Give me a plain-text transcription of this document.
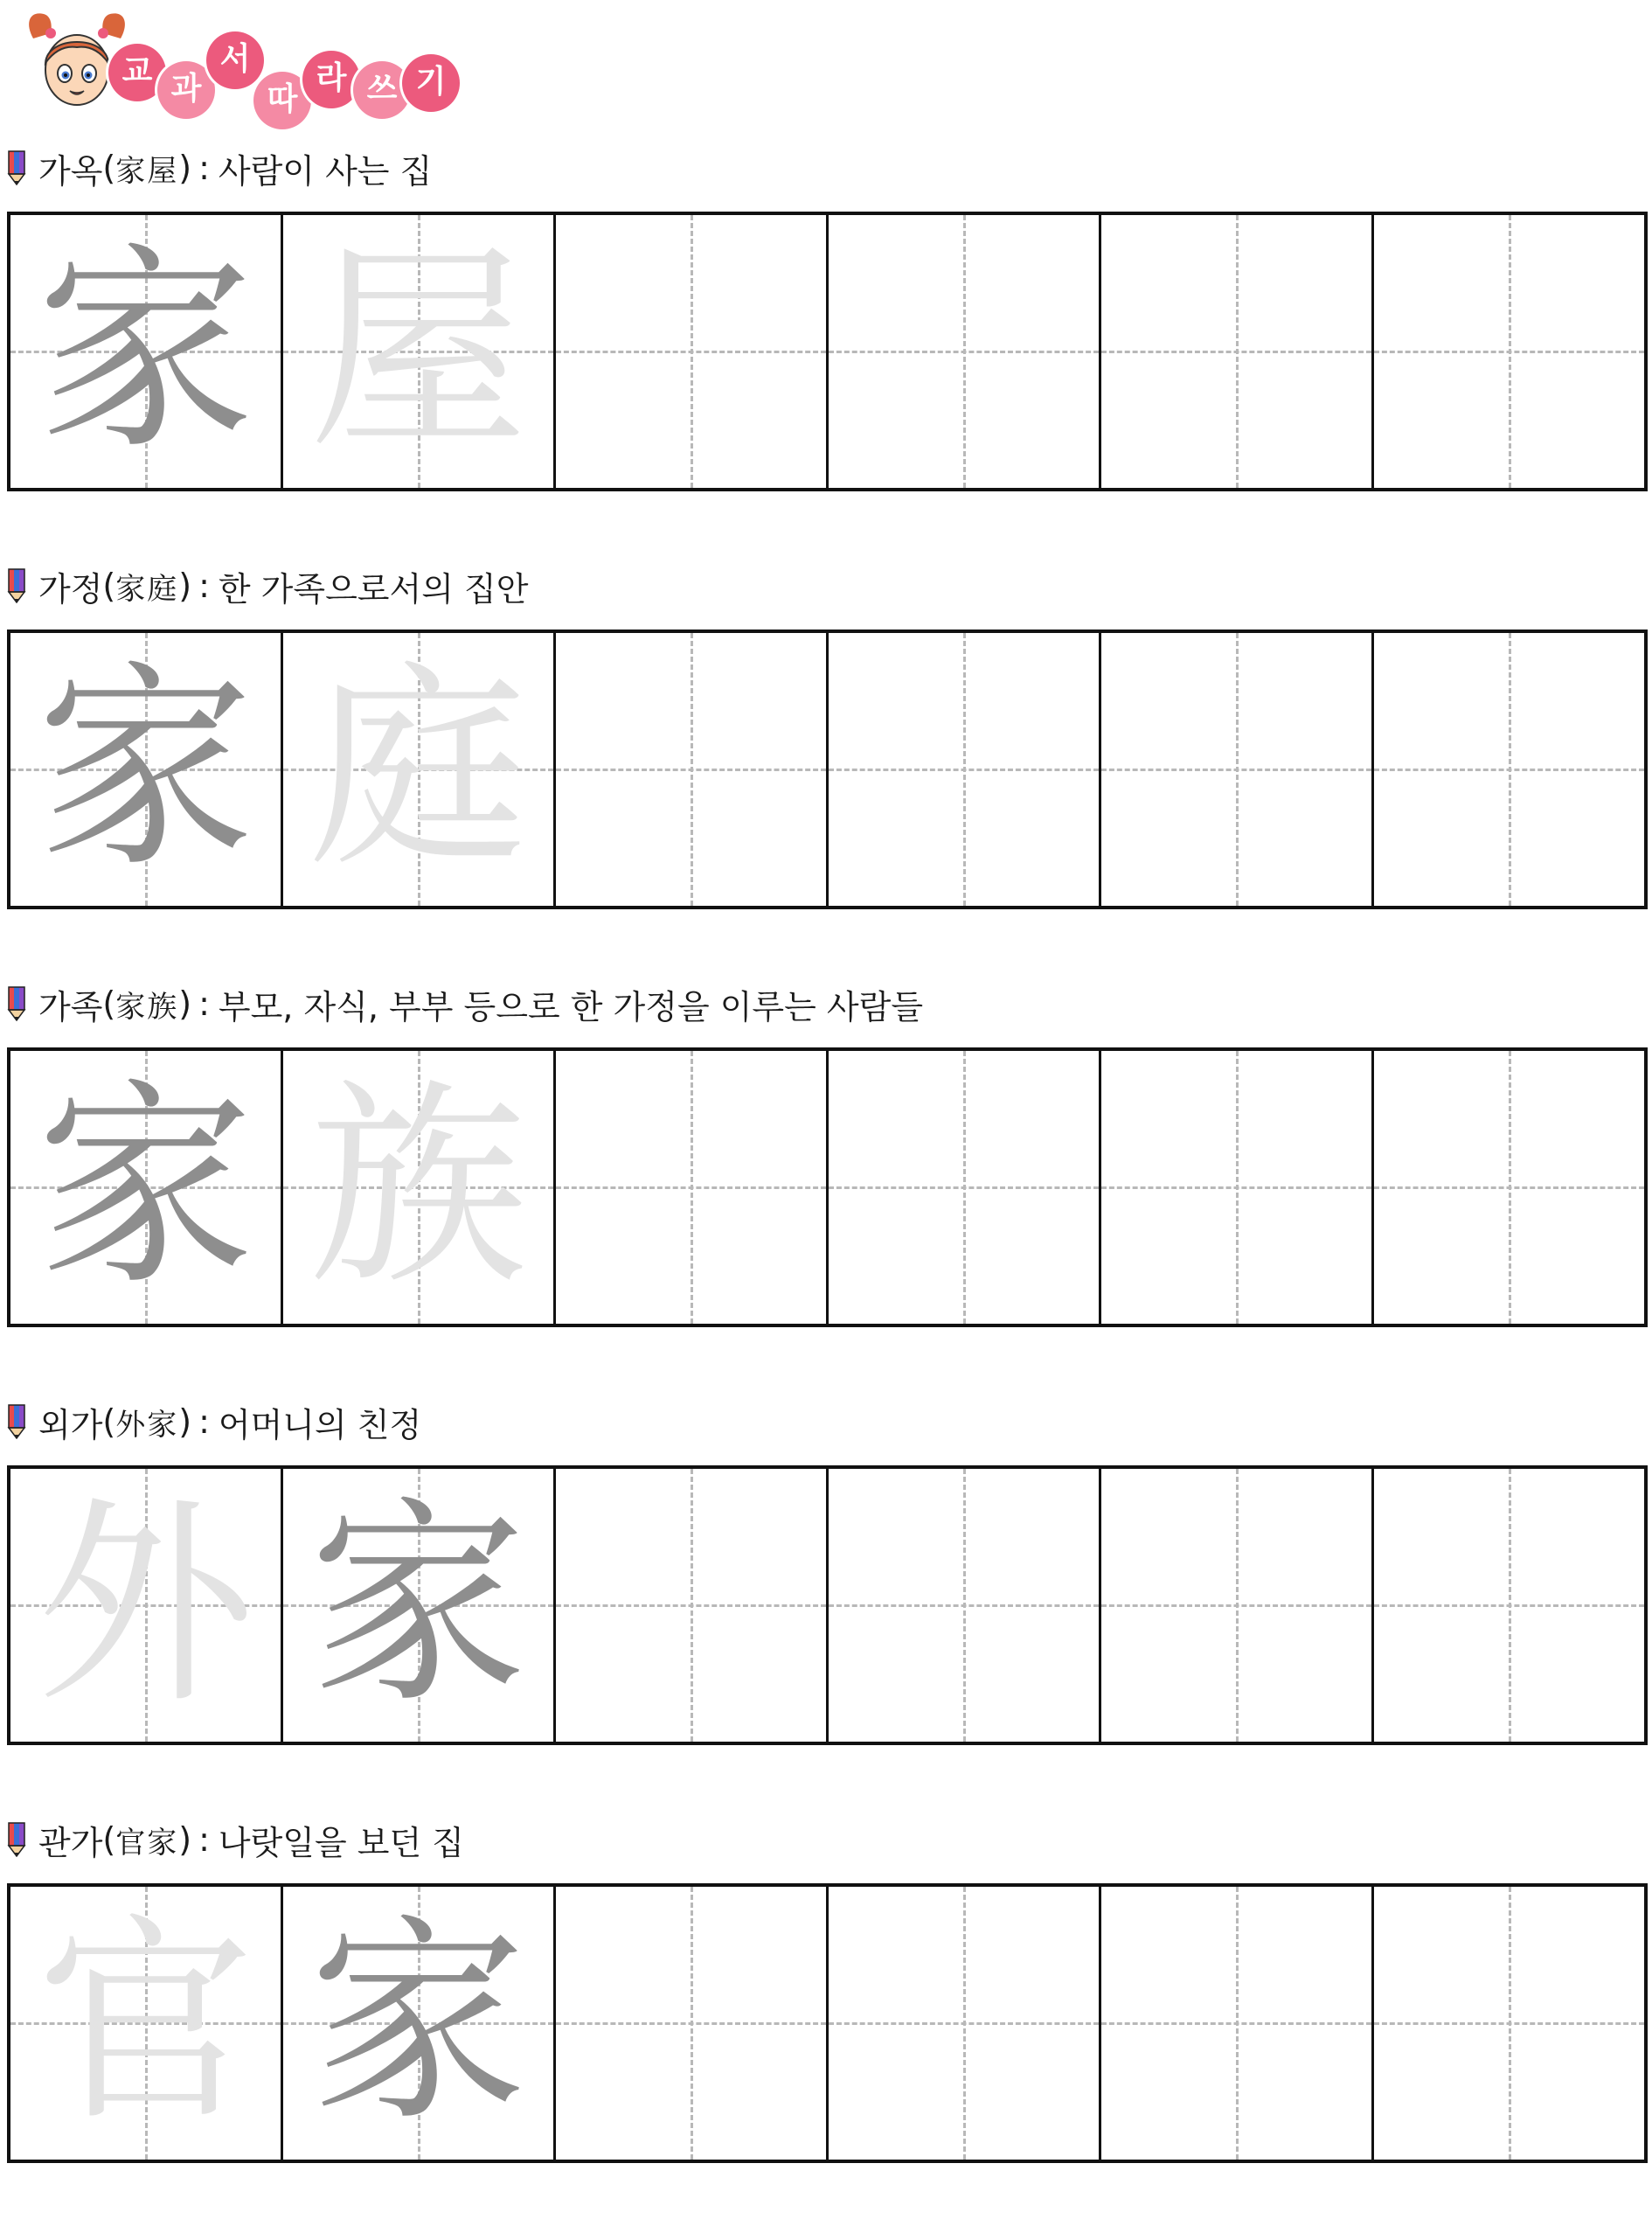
교 과
서
따
라 쓰 기
가옥 ( 家屋 ) : 사람이 사는 집
家 屋
가정 ( 家庭 ) : 한 가족으로서의 집안
家 庭
가족 ( 家族 ) : 부모, 자식, 부부 등으로 한 가정을 이루는 사람들
家 族
외가 ( 外家 ) : 어머니의 친정
外 家
관가 ( 官家 ) : 나랏일을 보던 집
官 家
